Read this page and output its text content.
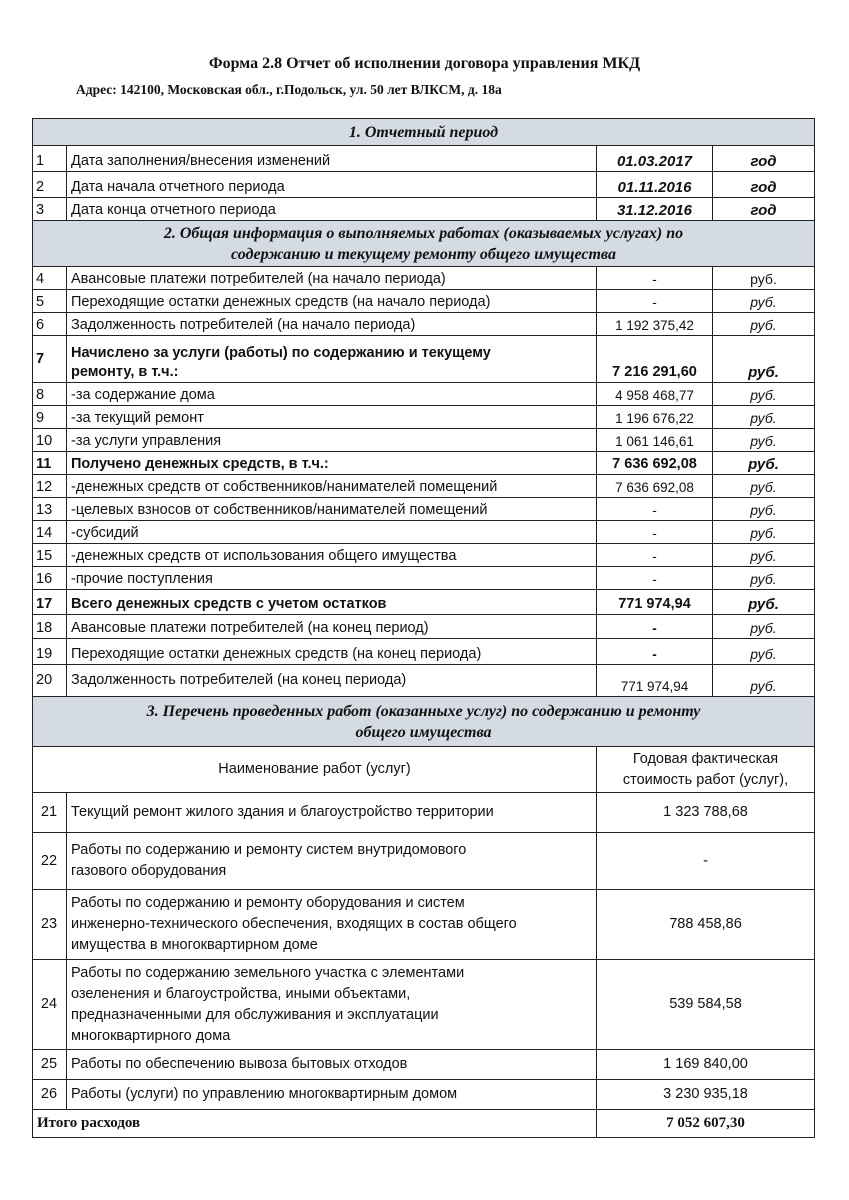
Форма 2.8 Отчет об исполнении договора управления МКД
Адрес: 142100, Московская обл., г.Подольск, ул. 50 лет ВЛКСМ, д. 18а
1. Отчетный период			
1	Дата заполнения/внесения изменений	01.03.2017	год
2	Дата начала отчетного периода	01.11.2016	год
3	Дата конца отчетного периода	31.12.2016	год

2. Общая информация о выполняемых работах (оказываемых услугах) по
содержанию и текущему ремонту общего имущества			

4	Авансовые платежи потребителей (на начало периода)	-	руб.
5	Переходящие остатки денежных средств (на начало периода)	-	руб.
6	Задолженность потребителей (на начало периода)	1 192 375,42	руб.
7	Начислено за услуги (работы) по содержанию и текущему
ремонту, в т.ч.:	7 216 291,60	руб.
8	-за содержание дома	4 958 468,77	руб.
9	-за текущий ремонт	1 196 676,22	руб.
10	-за услуги управления	1 061 146,61	руб.
11	Получено денежных средств, в т.ч.:	7 636 692,08	руб.
12	-денежных средств от собственников/нанимателей помещений	7 636 692,08	руб.
13	-целевых взносов от собственников/нанимателей помещений	-	руб.
14	-субсидий	-	руб.
15	-денежных средств от использования общего имущества	-	руб.
16	-прочие поступления	-	руб.
17	Всего денежных средств с учетом остатков	771 974,94	руб.
18	Авансовые платежи потребителей (на конец период)	-	руб.
19	Переходящие остатки денежных средств (на конец периода)	-	руб.
20	Задолженность потребителей (на конец периода)	771 974,94	руб.

3. Перечень проведенных работ (оказанныхе услуг) по содержанию и ремонту
общего имущества			

Наименование работ (услуг)		Годовая фактическая
стоимость работ (услуг),	

21	Текущий ремонт жилого здания и благоустройство территории	1 323 788,68	
22	Работы по содержанию и ремонту систем внутридомового
газового оборудования	-	
23	Работы по содержанию и ремонту оборудования и систем
инженерно-технического обеспечения, входящих в состав общего
имущества в многоквартирном доме	788 458,86	
24	Работы по содержанию земельного участка с элементами
озеленения и благоустройства, иными объектами,
предназначенными для обслуживания и эксплуатации
многоквартирного дома	539 584,58	
25	Работы по обеспечению вывоза бытовых отходов	1 169 840,00	
26	Работы (услуги) по управлению многоквартирным домом	3 230 935,18	
Итого расходов		7 052 607,30	
